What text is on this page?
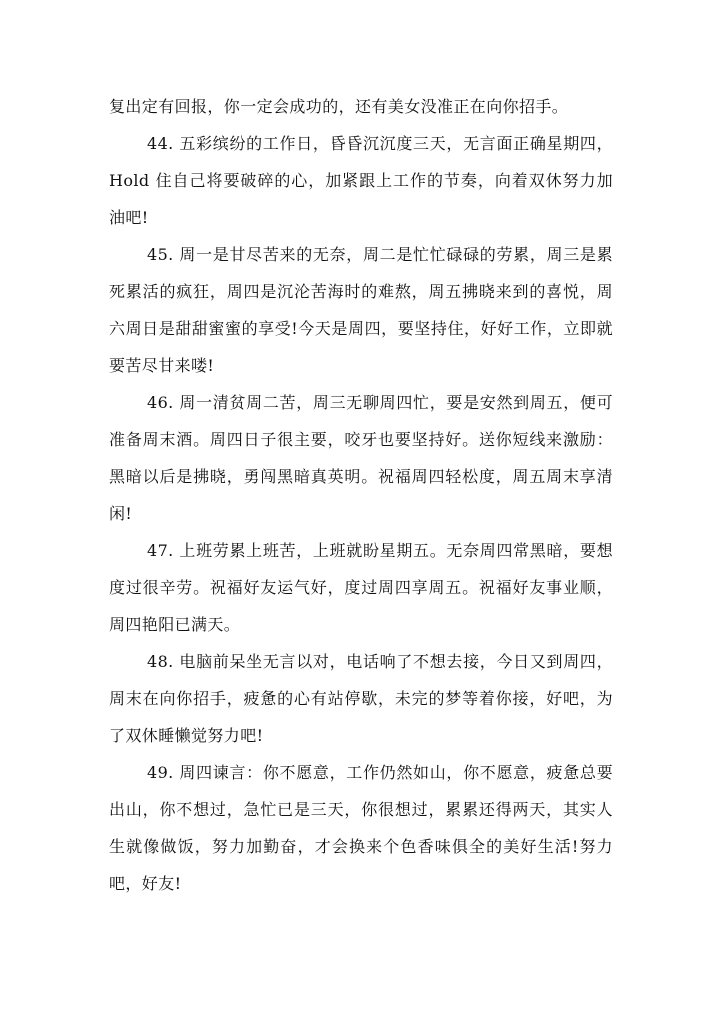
复出定有回报，你一定会成功的，还有美女没准正在向你招手。

44. 五彩缤纷的工作日，昏昏沉沉度三天，无言面正确星期四，Hold 住自己将要破碎的心，加紧跟上工作的节奏，向着双休努力加油吧!

45. 周一是甘尽苦来的无奈，周二是忙忙碌碌的劳累，周三是累死累活的疯狂，周四是沉沦苦海时的难熬，周五拂晓来到的喜悦，周六周日是甜甜蜜蜜的享受!今天是周四，要坚持住，好好工作，立即就要苦尽甘来喽!

46. 周一清贫周二苦，周三无聊周四忙，要是安然到周五，便可准备周末酒。周四日子很主要，咬牙也要坚持好。送你短线来激励：黑暗以后是拂晓，勇闯黑暗真英明。祝福周四轻松度，周五周末享清闲!

47. 上班劳累上班苦，上班就盼星期五。无奈周四常黑暗，要想度过很辛劳。祝福好友运气好，度过周四享周五。祝福好友事业顺，周四艳阳已满天。

48. 电脑前呆坐无言以对，电话响了不想去接，今日又到周四，周末在向你招手，疲惫的心有站停歇，未完的梦等着你接，好吧，为了双休睡懒觉努力吧!

49. 周四谏言：你不愿意，工作仍然如山，你不愿意，疲惫总要出山，你不想过，急忙已是三天，你很想过，累累还得两天，其实人生就像做饭，努力加勤奋，才会换来个色香味俱全的美好生活!努力吧，好友!
